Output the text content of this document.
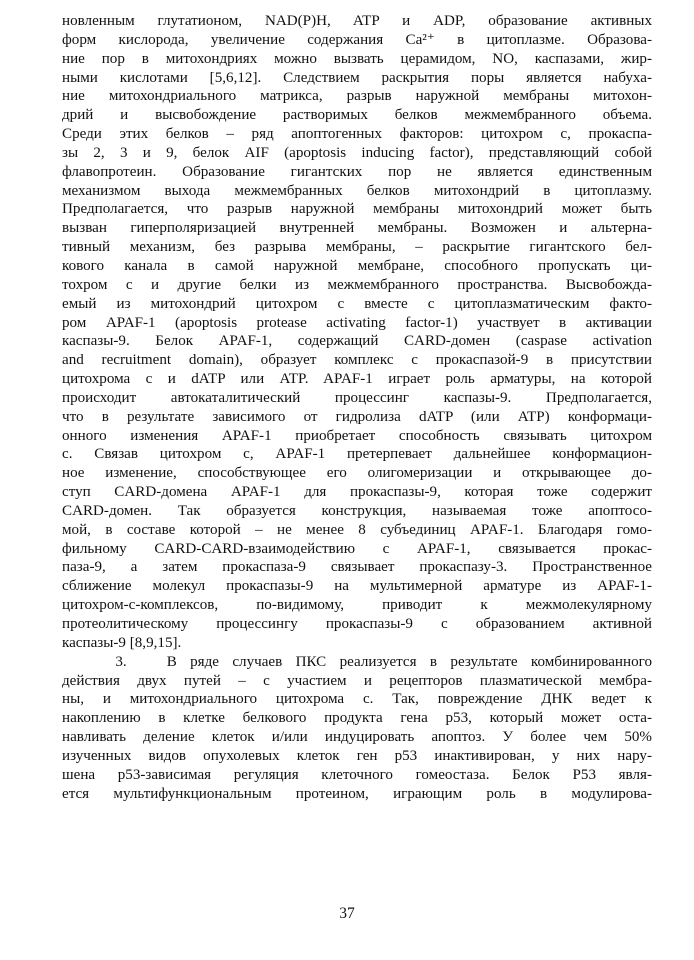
новленным глутатионом, NAD(P)H, ATP и ADP, образование активных
форм кислорода, увеличение содержания Ca²⁺ в цитоплазме. Образова-
ние пор в митохондриях можно вызвать церамидом, NO, каспазами, жир-
ными кислотами [5,6,12]. Следствием раскрытия поры является набуха-
ние митохондриального матрикса, разрыв наружной мембраны митохон-
дрий и высвобождение растворимых белков межмембранного объема.
Среди этих белков – ряд апоптогенных факторов: цитохром с, прокаспа-
зы 2, 3 и 9, белок AIF (apoptosis inducing factor), представляющий собой
флавопротеин. Образование гигантских пор не является единственным
механизмом выхода межмембранных белков митохондрий в цитоплазму.
Предполагается, что разрыв наружной мембраны митохондрий может быть
вызван гиперполяризацией внутренней мембраны. Возможен и альтерна-
тивный механизм, без разрыва мембраны, – раскрытие гигантского бел-
кового канала в самой наружной мембране, способного пропускать ци-
тохром с и другие белки из межмембранного пространства. Высвобожда-
емый из митохондрий цитохром с вместе с цитоплазматическим факто-
ром APAF-1 (apoptosis protease activating factor-1) участвует в активации
каспазы-9. Белок APAF-1, содержащий CARD-домен (caspase activation
and recruitment domain), образует комплекс с прокаспазой-9 в присутствии
цитохрома с и dATP или ATP. APAF-1 играет роль арматуры, на которой
происходит автокаталитический процессинг каспазы-9. Предполагается,
что в результате зависимого от гидролиза dATP (или ATP) конформаци-
онного изменения APAF-1 приобретает способность связывать цитохром
с. Связав цитохром с, APAF-1 претерпевает дальнейшее конформацион-
ное изменение, способствующее его олигомеризации и открывающее до-
ступ CARD-домена APAF-1 для прокаспазы-9, которая тоже содержит
CARD-домен. Так образуется конструкция, называемая тоже апоптосо-
мой, в составе которой – не менее 8 субъединиц APAF-1. Благодаря гомо-
фильному CARD-CARD-взаимодействию с APAF-1, связывается прокас-
паза-9, а затем прокаспаза-9 связывает прокаспазу-3. Пространственное
сближение молекул прокаспазы-9 на мультимерной арматуре из APAF-1-
цитохром-с-комплексов, по-видимому, приводит к межмолекулярному
протеолитическому процессингу прокаспазы-9 с образованием активной
каспазы-9 [8,9,15].
3.   В ряде случаев ПКС реализуется в результате комбинированного
действия двух путей – с участием и рецепторов плазматической мембра-
ны, и митохондриального цитохрома с. Так, повреждение ДНК ведет к
накоплению в клетке белкового продукта гена p53, который может оста-
навливать деление клеток и/или индуцировать апоптоз. У более чем 50%
изученных видов опухолевых клеток ген p53 инактивирован, у них нару-
шена p53-зависимая регуляция клеточного гомеостаза. Белок P53 явля-
ется мультифункциональным протеином, играющим роль в модулирова-
37
